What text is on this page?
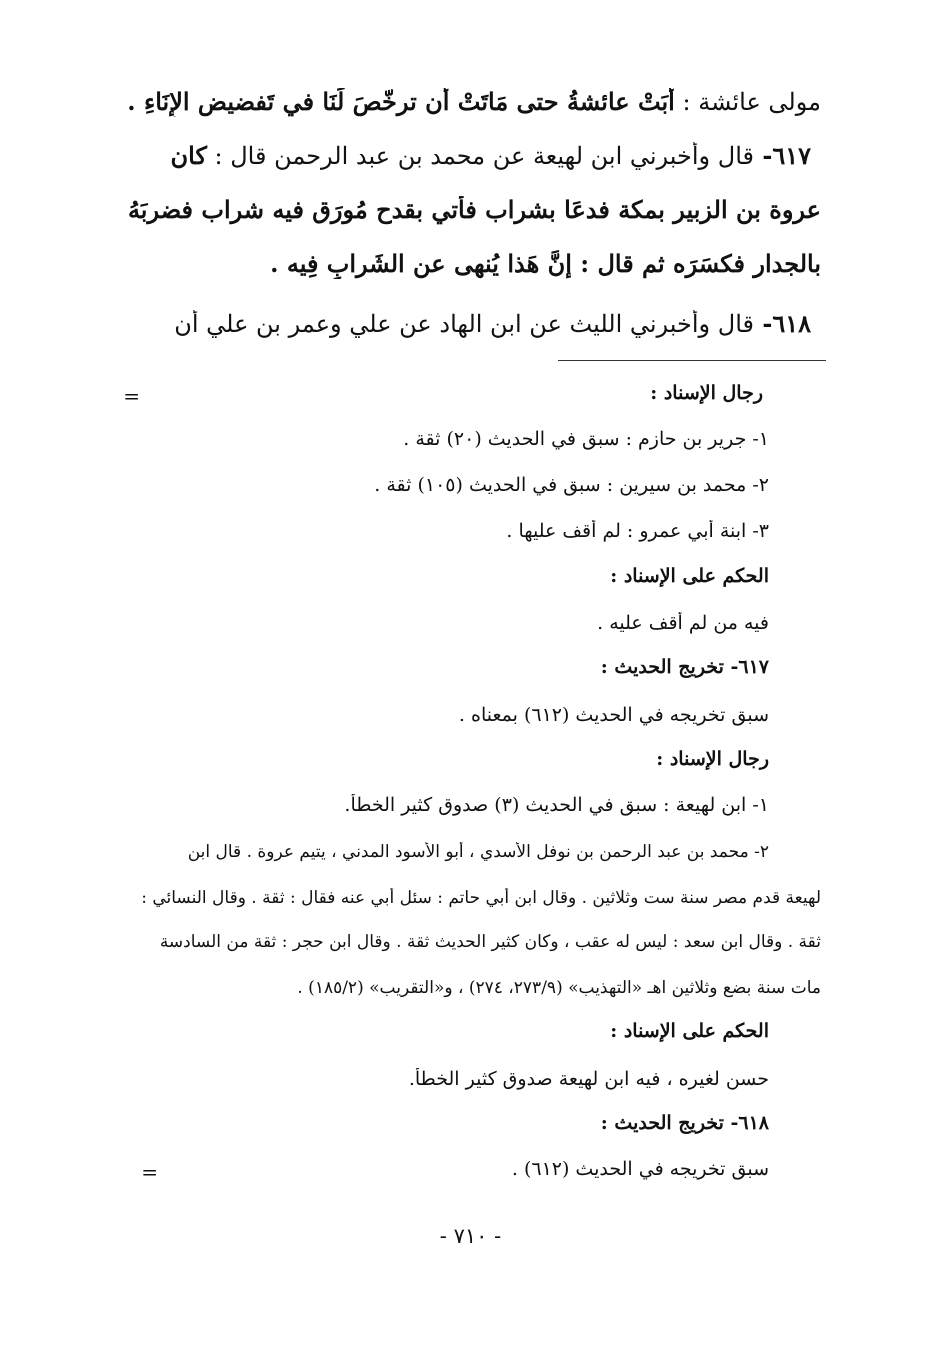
مولى عائشة : أَبَتْ عائشةُ حتى مَاتَتْ أَن ترخّصَ لَنَا في تَفضيض الإِنَاءِ .
٦١٧- قال وأخبرني ابن لهيعة عن محمد بن عبد الرحمن قال : كان
عروة بن الزبير بمكة فدعَا بشراب فأُتي بقدح مُورَق فيه شراب فضربَهُ
بالجدار فكسَرَه ثم قال : إنَّ هَذا يُنهى عنِ الشَرابِ فِيه .
٦١٨- قال وأخبرني الليث عن ابن الهاد عن علي وعمر بن علي أن
=	رجال الإسناد :
١- جرير بن حازم : سبق في الحديث (٢٠) ثقة .
٢- محمد بن سيرين : سبق في الحديث (١٠٥) ثقة .
٣- ابنة أبي عمرو : لم أقف عليها .
الحكم على الإسناد :
فيه من لم أقف عليه .
٦١٧- تخريج الحديث :
سبق تخريجه في الحديث (٦١٢) بمعناه .
رجال الإسناد :
١- ابن لهيعة : سبق في الحديث (٣) صدوق كثير الخطأ.
٢- محمد بن عبد الرحمن بن نوفل الأسدي ، أبو الأسود المدني ، يتيم عروة . قال ابن
لهيعة قدم مصر سنة ست وثلاثين . وقال ابن أبي حاتم : سئل أبي عنه فقال : ثقة . وقال النسائي :
ثقة . وقال ابن سعد : ليس له عقب ، وكان كثير الحديث ثقة . وقال ابن حجر : ثقة من السادسة
مات سنة بضع وثلاثين اهـ «التهذيب» (٢٧٣/٩، ٢٧٤) ، و«التقريب» (١٨٥/٢) .
الحكم على الإسناد :
حسن لغيره ، فيه ابن لهيعة صدوق كثير الخطأ.
٦١٨- تخريج الحديث :
سبق تخريجه في الحديث (٦١٢) .
=
- ٧١٠ -
